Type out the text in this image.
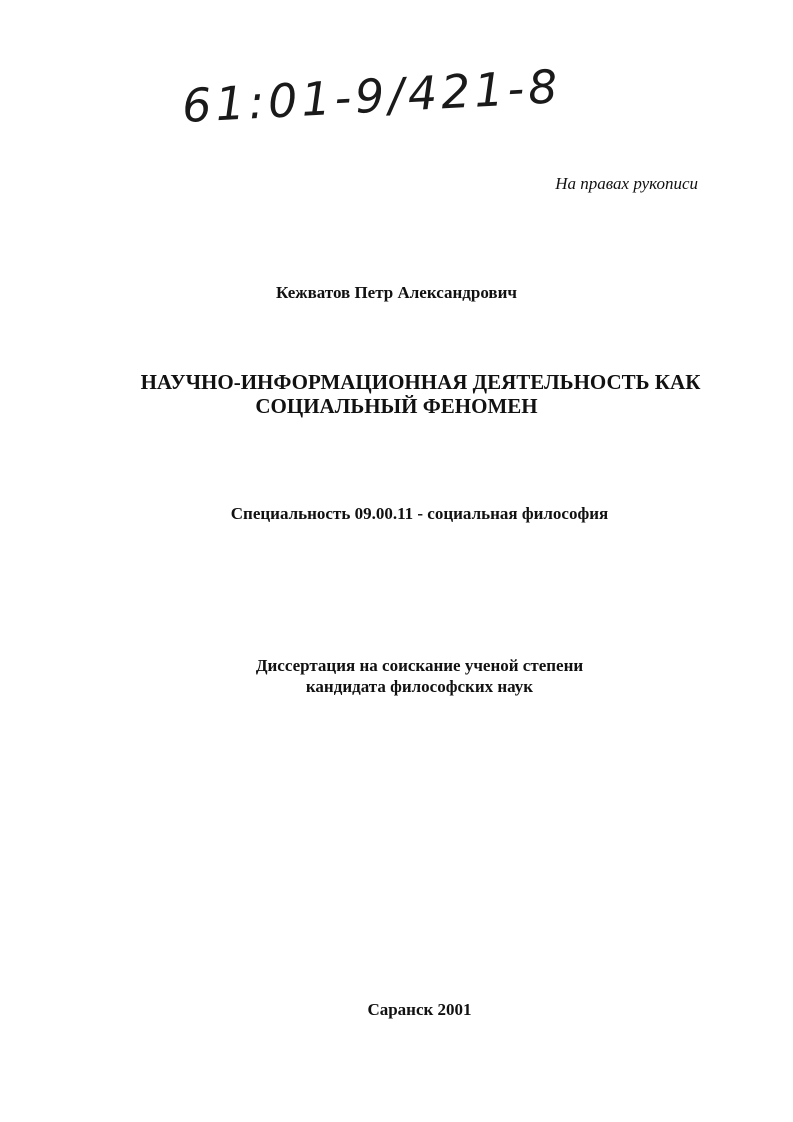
61:01-9/421-8
На правах рукописи
Кежватов Петр Александрович
НАУЧНО-ИНФОРМАЦИОННАЯ ДЕЯТЕЛЬНОСТЬ КАК
СОЦИАЛЬНЫЙ ФЕНОМЕН
Специальность 09.00.11 - социальная философия
Диссертация на соискание ученой степени
кандидата философских наук
Саранск 2001
